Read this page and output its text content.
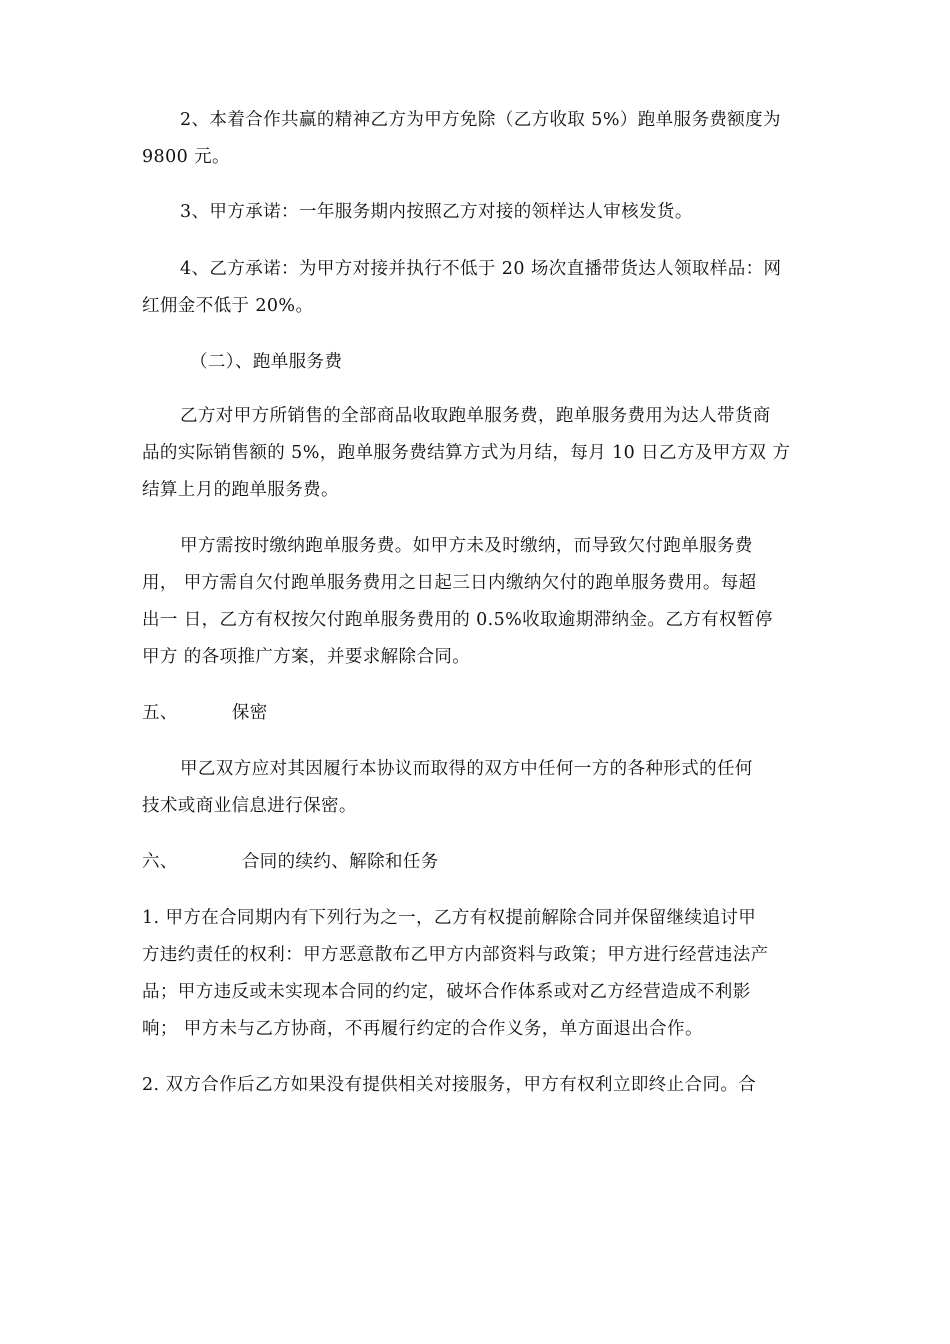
2、本着合作共赢的精神乙方为甲方免除（乙方收取 5%）跑单服务费额度为
9800 元。
3、甲方承诺：一年服务期内按照乙方对接的领样达人审核发货。
4、乙方承诺：为甲方对接并执行不低于 20 场次直播带货达人领取样品：网
红佣金不低于 20%。
（二）、跑单服务费
乙方对甲方所销售的全部商品收取跑单服务费，跑单服务费用为达人带货商
品的实际销售额的 5%，跑单服务费结算方式为月结，每月 10 日乙方及甲方双 方
结算上月的跑单服务费。
甲方需按时缴纳跑单服务费。如甲方未及时缴纳，而导致欠付跑单服务费
用， 甲方需自欠付跑单服务费用之日起三日内缴纳欠付的跑单服务费用。每超
出一 日，乙方有权按欠付跑单服务费用的 0.5%收取逾期滞纳金。乙方有权暂停
甲方 的各项推广方案，并要求解除合同。
五、	保密
甲乙双方应对其因履行本协议而取得的双方中任何一方的各种形式的任何
技术或商业信息进行保密。
六、	合同的续约、解除和任务
1. 甲方在合同期内有下列行为之一，乙方有权提前解除合同并保留继续追讨甲
方违约责任的权利：甲方恶意散布乙甲方内部资料与政策；甲方进行经营违法产
品；甲方违反或未实现本合同的约定，破坏合作体系或对乙方经营造成不利影
响； 甲方未与乙方协商，不再履行约定的合作义务，单方面退出合作。
2. 双方合作后乙方如果没有提供相关对接服务，甲方有权利立即终止合同。合
